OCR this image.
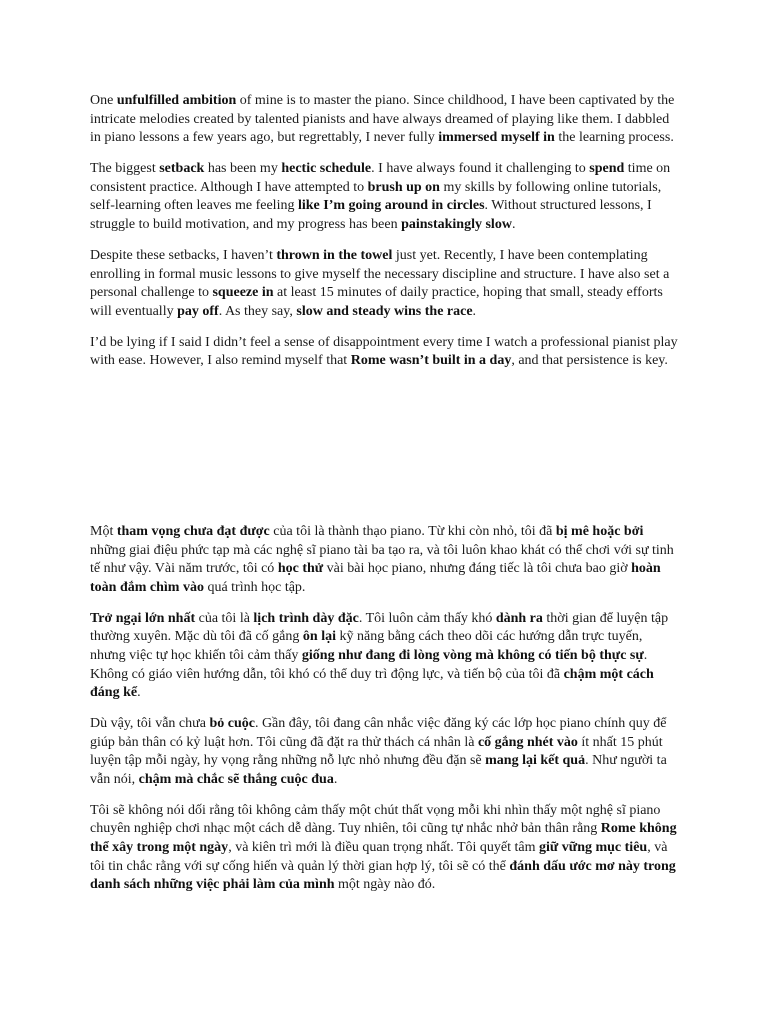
One unfulfilled ambition of mine is to master the piano. Since childhood, I have been captivated by the intricate melodies created by talented pianists and have always dreamed of playing like them. I dabbled in piano lessons a few years ago, but regrettably, I never fully immersed myself in the learning process.

The biggest setback has been my hectic schedule. I have always found it challenging to spend time on consistent practice. Although I have attempted to brush up on my skills by following online tutorials, self-learning often leaves me feeling like I’m going around in circles. Without structured lessons, I struggle to build motivation, and my progress has been painstakingly slow.

Despite these setbacks, I haven’t thrown in the towel just yet. Recently, I have been contemplating enrolling in formal music lessons to give myself the necessary discipline and structure. I have also set a personal challenge to squeeze in at least 15 minutes of daily practice, hoping that small, steady efforts will eventually pay off. As they say, slow and steady wins the race.

I’d be lying if I said I didn’t feel a sense of disappointment every time I watch a professional pianist play with ease. However, I also remind myself that Rome wasn’t built in a day, and that persistence is key.

Một tham vọng chưa đạt được của tôi là thành thạo piano. Từ khi còn nhỏ, tôi đã bị mê hoặc bởi những giai điệu phức tạp mà các nghệ sĩ piano tài ba tạo ra, và tôi luôn khao khát có thể chơi với sự tinh tế như vậy. Vài năm trước, tôi có học thử vài bài học piano, nhưng đáng tiếc là tôi chưa bao giờ hoàn toàn đắm chìm vào quá trình học tập.

Trở ngại lớn nhất của tôi là lịch trình dày đặc. Tôi luôn cảm thấy khó dành ra thời gian để luyện tập thường xuyên. Mặc dù tôi đã cố gắng ôn lại kỹ năng bằng cách theo dõi các hướng dẫn trực tuyến, nhưng việc tự học khiến tôi cảm thấy giống như đang đi lòng vòng mà không có tiến bộ thực sự. Không có giáo viên hướng dẫn, tôi khó có thể duy trì động lực, và tiến bộ của tôi đã chậm một cách đáng kể.

Dù vậy, tôi vẫn chưa bỏ cuộc. Gần đây, tôi đang cân nhắc việc đăng ký các lớp học piano chính quy để giúp bản thân có kỷ luật hơn. Tôi cũng đã đặt ra thử thách cá nhân là cố gắng nhét vào ít nhất 15 phút luyện tập mỗi ngày, hy vọng rằng những nỗ lực nhỏ nhưng đều đặn sẽ mang lại kết quả. Như người ta vẫn nói, chậm mà chắc sẽ thắng cuộc đua.

Tôi sẽ không nói dối rằng tôi không cảm thấy một chút thất vọng mỗi khi nhìn thấy một nghệ sĩ piano chuyên nghiệp chơi nhạc một cách dễ dàng. Tuy nhiên, tôi cũng tự nhắc nhở bản thân rằng Rome không thể xây trong một ngày, và kiên trì mới là điều quan trọng nhất. Tôi quyết tâm giữ vững mục tiêu, và tôi tin chắc rằng với sự cống hiến và quản lý thời gian hợp lý, tôi sẽ có thể đánh dấu ước mơ này trong danh sách những việc phải làm của mình một ngày nào đó.
